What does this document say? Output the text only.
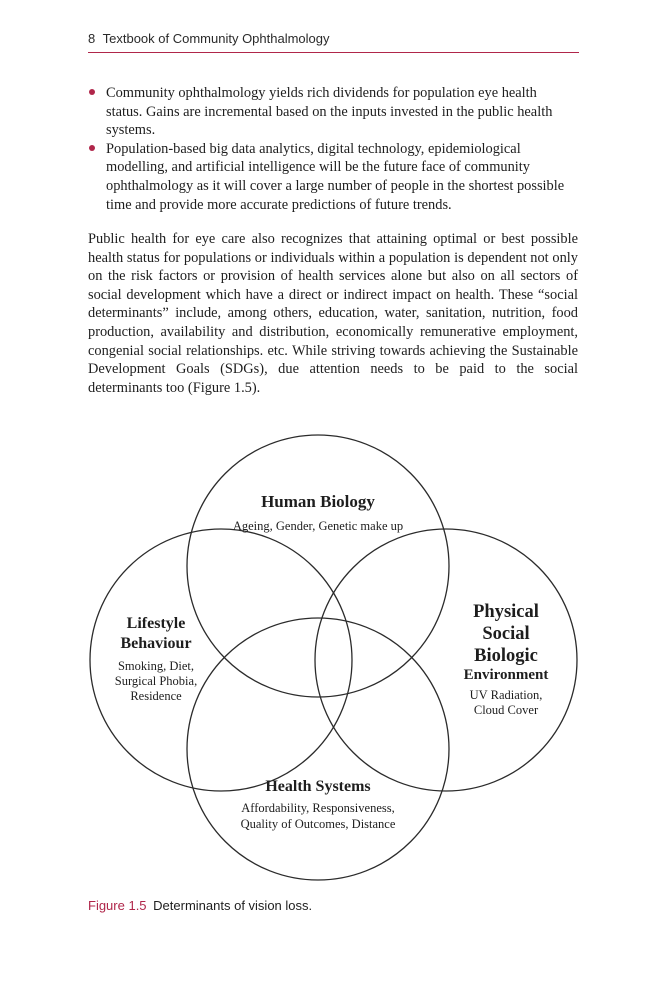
8 Textbook of Community Ophthalmology
Community ophthalmology yields rich dividends for population eye health status. Gains are incremental based on the inputs invested in the public health systems.
Population-based big data analytics, digital technology, epidemiological modelling, and artificial intelligence will be the future face of community ophthalmology as it will cover a large number of people in the shortest possible time and provide more accurate predictions of future trends.

Public health for eye care also recognizes that attaining optimal or best possible health status for populations or individuals within a population is dependent not only on the risk factors or provision of health services alone but also on all sectors of social development which have a direct or indirect impact on health. These “social determinants” include, among others, education, water, sanitation, nutrition, food production, availability and distribution, economically remunerative employment, congenial social relationships. etc. While striving towards achieving the Sustainable Development Goals (SDGs), due attention needs to be paid to the social determinants too (Figure 1.5).

Human Biology
Ageing, Gender, Genetic make up
Lifestyle
Behaviour
Smoking, Diet,
Surgical Phobia,
Residence
Physical
Social
Biologic
Environment
UV Radiation,
Cloud Cover
Health Systems
Affordability, Responsiveness,
Quality of Outcomes, Distance
Figure 1.5 Determinants of vision loss.
